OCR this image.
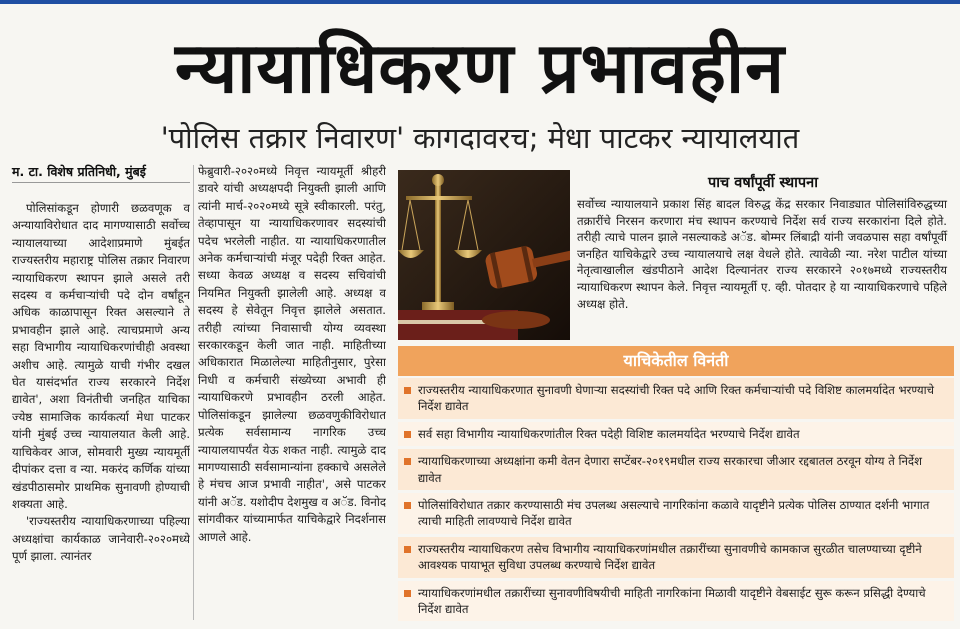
न्यायाधिकरण प्रभावहीन
'पोलिस तक्रार निवारण' कागदावरच; मेधा पाटकर न्यायालयात
म. टा. विशेष प्रतिनिधी, मुंबई

पोलिसांकडून होणारी छळवणूक व अन्यायाविरोधात दाद मागण्यासाठी सर्वोच्च न्यायालयाच्या आदेशाप्रमाणे मुंबईत राज्यस्तरीय महाराष्ट्र पोलिस तक्रार निवारण न्यायाधिकरण स्थापन झाले असले तरी सदस्य व कर्मचाऱ्यांची पदे दोन वर्षांहून अधिक काळापासून रिक्त असल्याने ते प्रभावहीन झाले आहे. त्याचप्रमाणे अन्य सहा विभागीय न्यायाधिकरणांचीही अवस्था अशीच आहे. त्यामुळे याची गंभीर दखल घेत यासंदर्भात राज्य सरकारने निर्देश द्यावेत', अशा विनंतीची जनहित याचिका ज्येष्ठ सामाजिक कार्यकर्त्या मेधा पाटकर यांनी मुंबई उच्च न्यायालयात केली आहे. याचिकेवर आज, सोमवारी मुख्य न्यायमूर्ती दीपांकर दत्ता व न्या. मकरंद कर्णिक यांच्या खंडपीठासमोर प्राथमिक सुनावणी होण्याची शक्यता आहे.

'राज्यस्तरीय न्यायाधिकरणाच्या पहिल्या अध्यक्षांचा कार्यकाळ जानेवारी-२०२०मध्ये पूर्ण झाला. त्यानंतर

फेब्रुवारी-२०२०मध्ये निवृत्त न्यायमूर्ती श्रीहरी डावरे यांची अध्यक्षपदी नियुक्ती झाली आणि त्यांनी मार्च-२०२०मध्ये सूत्रे स्वीकारली. परंतु, तेव्हापासून या न्यायाधिकरणावर सदस्यांची पदेच भरलेली नाहीत. या न्यायाधिकरणातील अनेक कर्मचाऱ्यांची मंजूर पदेही रिक्त आहेत. सध्या केवळ अध्यक्ष व सदस्य सचिवांची नियमित नियुक्ती झालेली आहे. अध्यक्ष व सदस्य हे सेवेतून निवृत्त झालेले असतात. तरीही त्यांच्या निवासाची योग्य व्यवस्था सरकारकडून केली जात नाही. माहितीच्या अधिकारात मिळालेल्या माहितीनुसार, पुरेसा निधी व कर्मचारी संख्येच्या अभावी ही न्यायाधिकरणे प्रभावहीन ठरली आहेत. पोलिसांकडून झालेल्या छळवणुकीविरोधात प्रत्येक सर्वसामान्य नागरिक उच्च न्यायालयापर्यंत येऊ शकत नाही. त्यामुळे दाद मागण्यासाठी सर्वसामान्यांना हक्काचे असलेले हे मंचच आज प्रभावी नाहीत', असे पाटकर यांनी अॅड. यशोदीप देशमुख व अॅड. विनोद सांगवीकर यांच्यामार्फत याचिकेद्वारे निदर्शनास आणले आहे.

पाच वर्षांपूर्वी स्थापना
सर्वोच्च न्यायालयाने प्रकाश सिंह बादल विरुद्ध केंद्र सरकार निवाड्यात पोलिसांविरुद्धच्या तक्रारींचे निरसन करणारा मंच स्थापन करण्याचे निर्देश सर्व राज्य सरकारांना दिले होते. तरीही त्याचे पालन झाले नसल्याकडे अॅड. बोम्मर लिंबाद्री यांनी जवळपास सहा वर्षांपूर्वी जनहित याचिकेद्वारे उच्च न्यायालयाचे लक्ष वेधले होते. त्यावेळी न्या. नरेश पाटील यांच्या नेतृत्वाखालील खंडपीठाने आदेश दिल्यानंतर राज्य सरकारने २०१७मध्ये राज्यस्तरीय न्यायाधिकरण स्थापन केले. निवृत्त न्यायमूर्ती ए. व्ही. पोतदार हे या न्यायाधिकरणाचे पहिले अध्यक्ष होते.
याचिकेतील विनंती
राज्यस्तरीय न्यायाधिकरणात सुनावणी घेणाऱ्या सदस्यांची रिक्त पदे आणि रिक्त कर्मचाऱ्यांची पदे विशिष्ट कालमर्यादेत भरण्याचे निर्देश द्यावेत
सर्व सहा विभागीय न्यायाधिकरणांतील रिक्त पदेही विशिष्ट कालमर्यादेत भरण्याचे निर्देश द्यावेत
न्यायाधिकरणाच्या अध्यक्षांना कमी वेतन देणारा सप्टेंबर-२०१९मधील राज्य सरकारचा जीआर रद्दबातल ठरवून योग्य ते निर्देश द्यावेत
पोलिसांविरोधात तक्रार करण्यासाठी मंच उपलब्ध असल्याचे नागरिकांना कळावे यादृष्टीने प्रत्येक पोलिस ठाण्यात दर्शनी भागात त्याची माहिती लावण्याचे निर्देश द्यावेत
राज्यस्तरीय न्यायाधिकरण तसेच विभागीय न्यायाधिकरणांमधील तक्रारींच्या सुनावणीचे कामकाज सुरळीत चालण्याच्या दृष्टीने आवश्यक पायाभूत सुविधा उपलब्ध करण्याचे निर्देश द्यावेत
न्यायाधिकरणांमधील तक्रारींच्या सुनावणीविषयीची माहिती नागरिकांना मिळावी यादृष्टीने वेबसाईट सुरू करून प्रसिद्धी देण्याचे निर्देश द्यावेत
